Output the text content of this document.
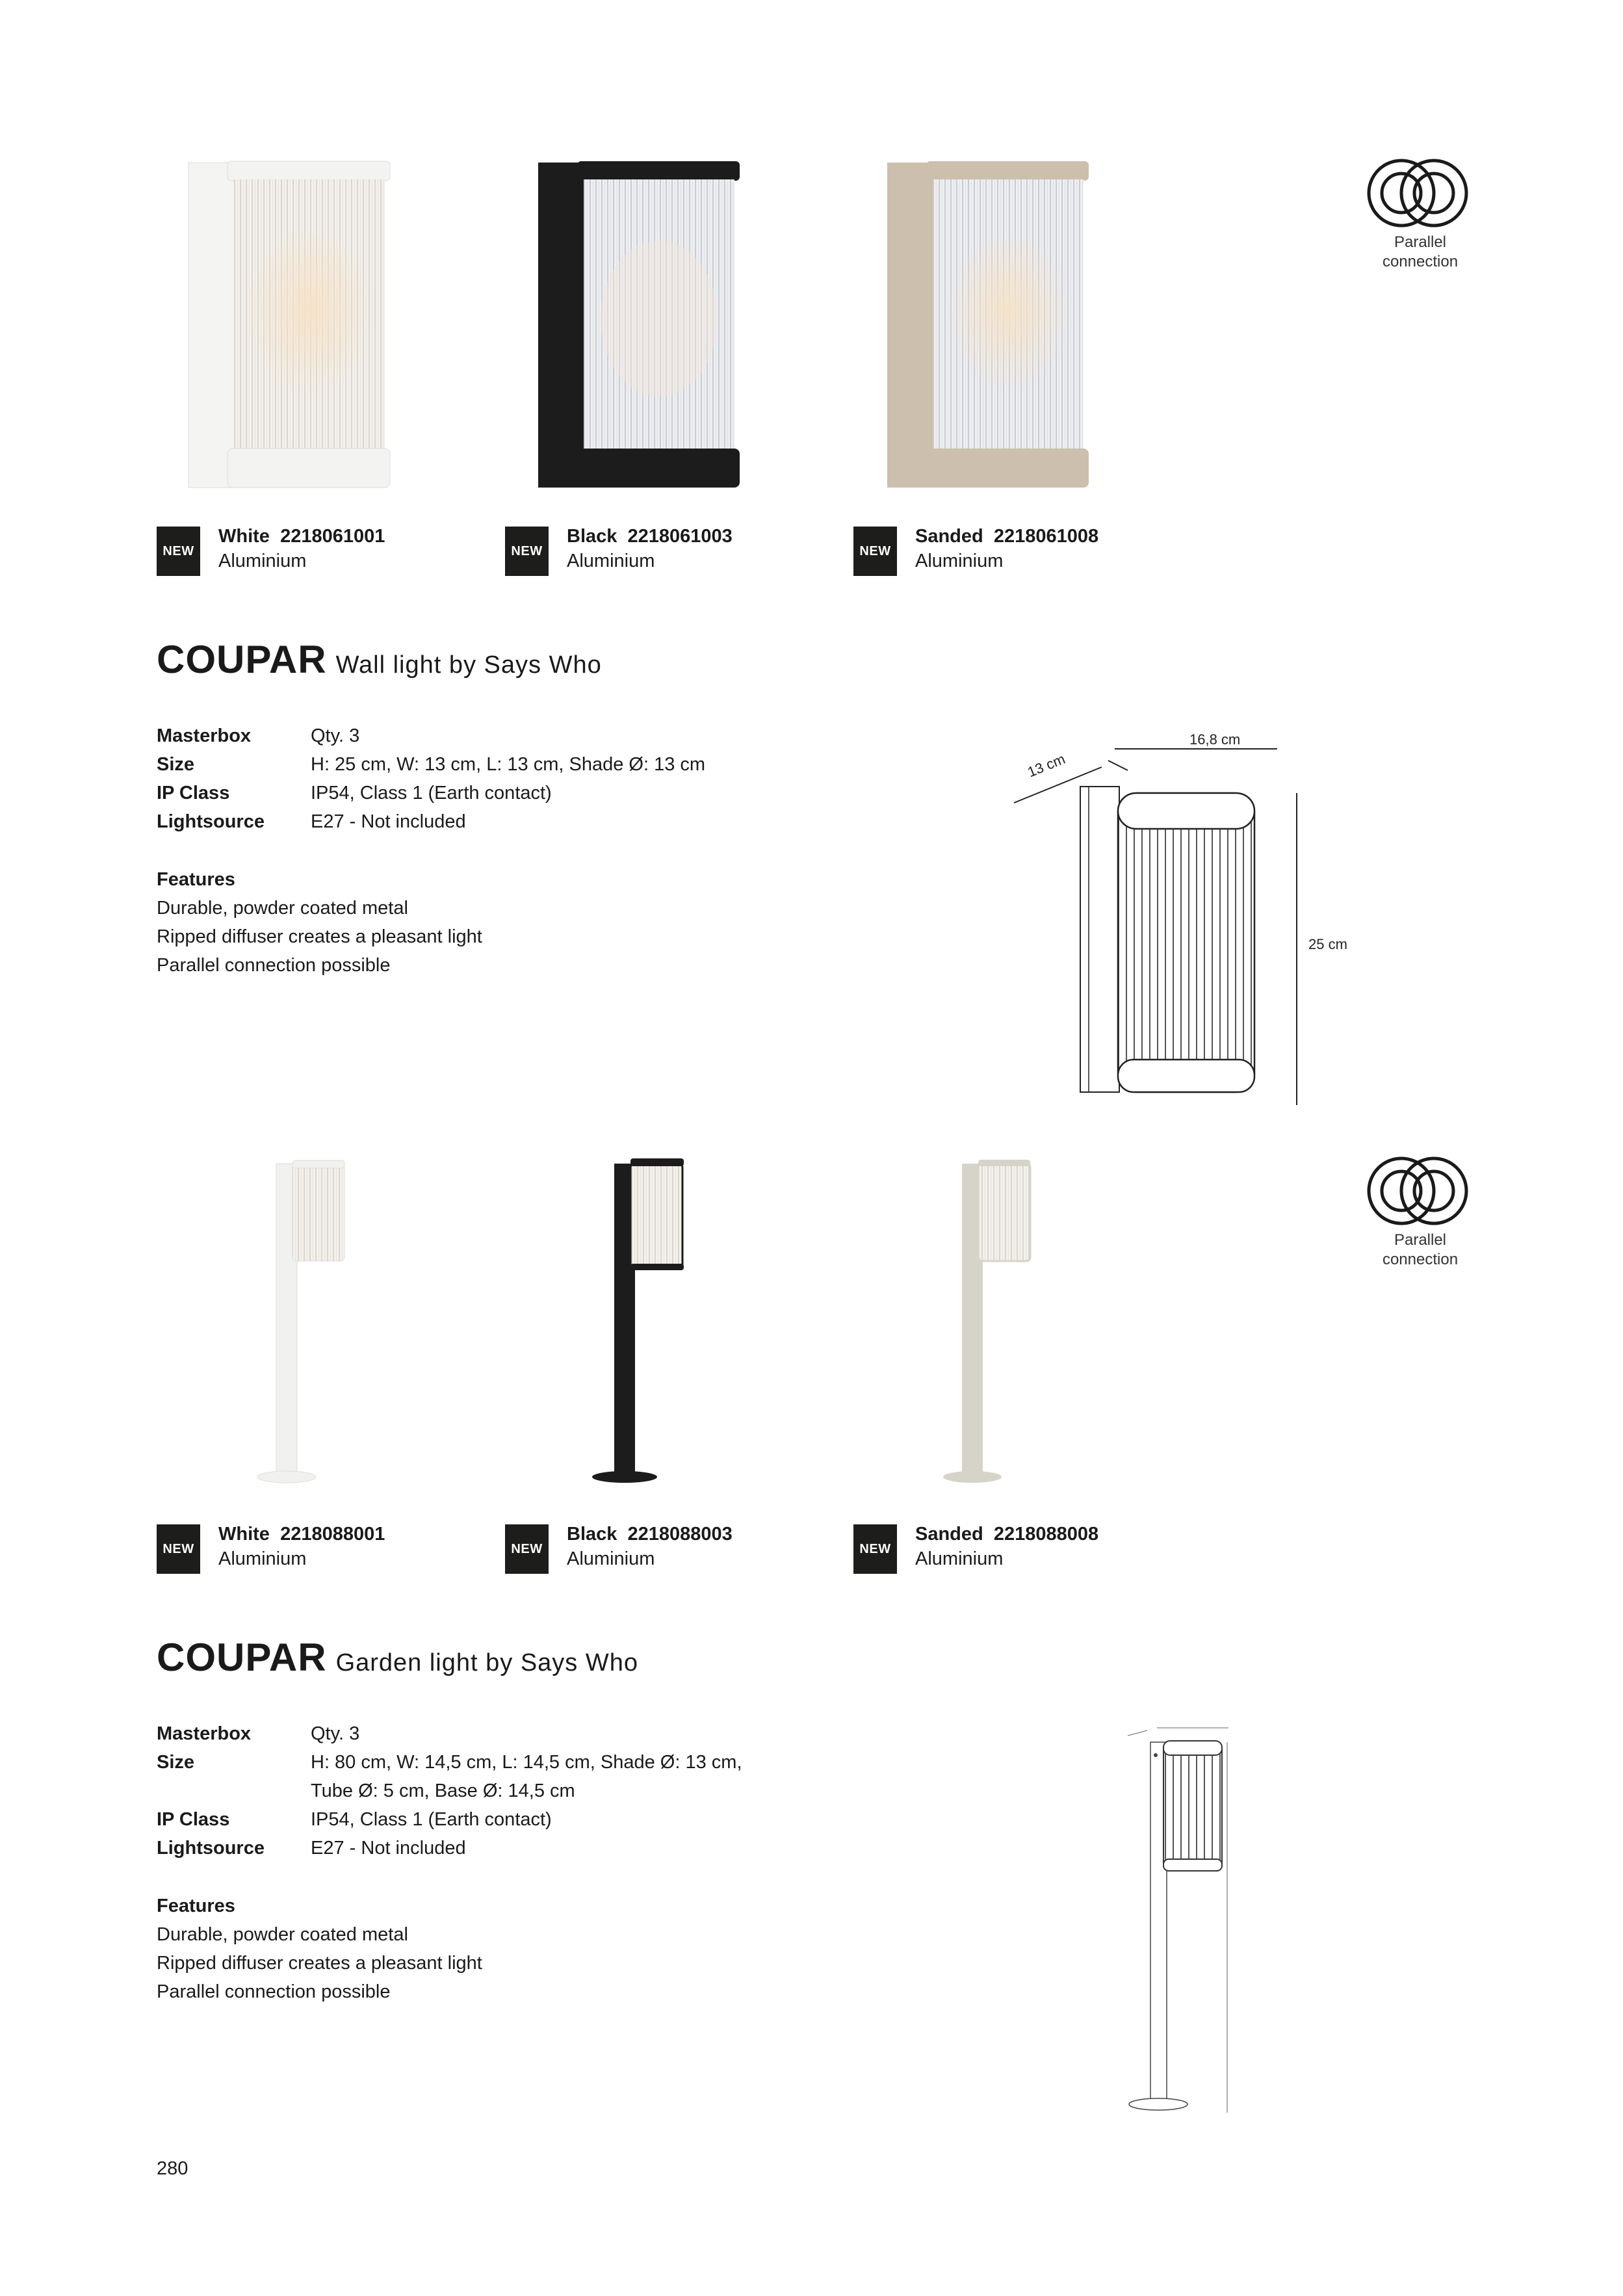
Parallel
connection
NEW
White 2218061001
Aluminium	NEW
Black 2218061003
Aluminium	NEW
Sanded 2218061008
Aluminium
COUPAR Wall light by Says Who
Masterbox	Qty. 3
Size	H: 25 cm, W: 13 cm, L: 13 cm, Shade Ø: 13 cm
IP Class	IP54, Class 1 (Earth contact)
Lightsource	E27 - Not included
Features
Durable, powder coated metal
Ripped diffuser creates a pleasant light
Parallel connection possible
13 cm
16,8 cm
25 cm
Parallel
connection
NEW
White 2218088001
Aluminium	NEW
Black 2218088003
Aluminium	NEW
Sanded 2218088008
Aluminium
COUPAR Garden light by Says Who
Masterbox	Qty. 3
Size	H: 80 cm, W: 14,5 cm, L: 14,5 cm, Shade Ø: 13 cm,
Tube Ø: 5 cm, Base Ø: 14,5 cm
IP Class	IP54, Class 1 (Earth contact)
Lightsource	E27 - Not included
Features
Durable, powder coated metal
Ripped diffuser creates a pleasant light
Parallel connection possible
280
